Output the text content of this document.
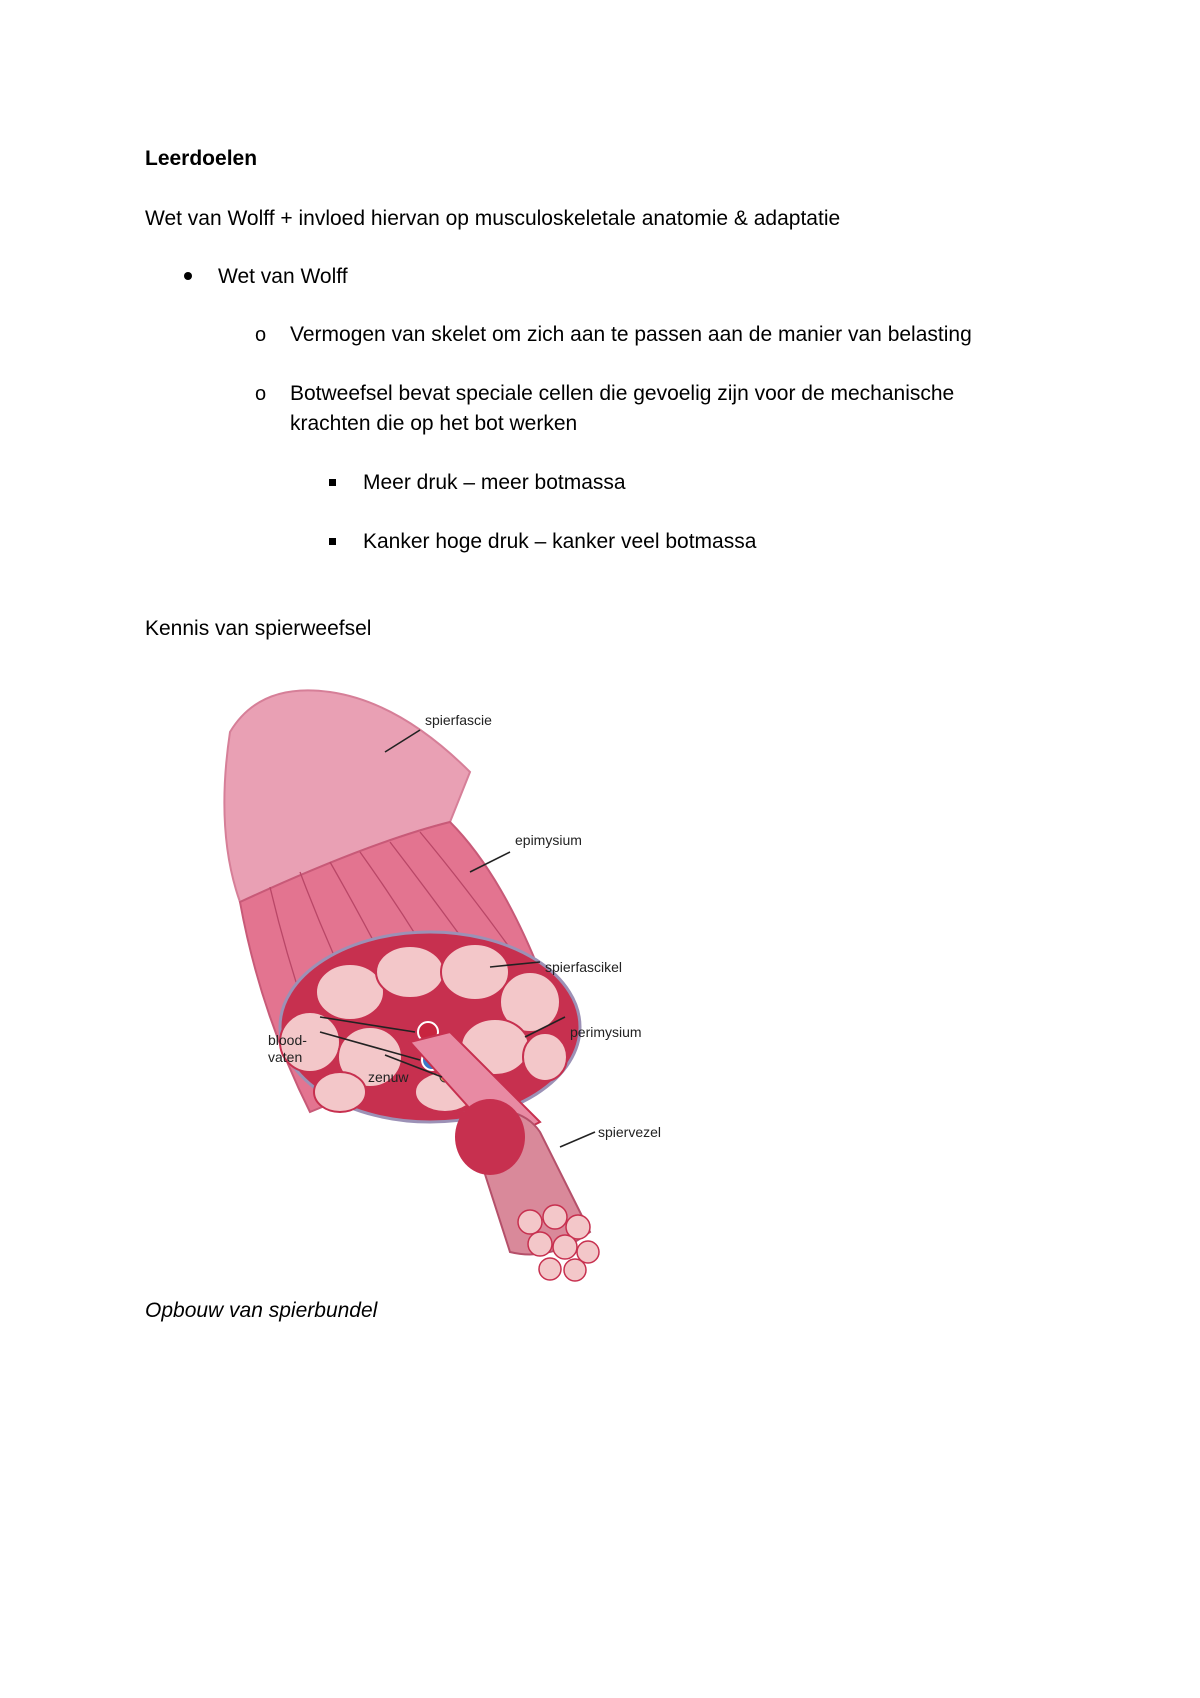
Leerdoelen
Wet van Wolff + invloed hiervan op musculoskeletale anatomie & adaptatie
Wet van Wolff
o Vermogen van skelet om zich aan te passen aan de manier van belasting
o Botweefsel bevat speciale cellen die gevoelig zijn voor de mechanische
krachten die op het bot werken
Meer druk – meer botmassa
Kanker hoge druk – kanker veel botmassa
Kennis van spierweefsel
spierfascie
epimysium
spierfascikel
perimysium
spiervezel
blood-
vaten
zenuw
Opbouw van spierbundel
